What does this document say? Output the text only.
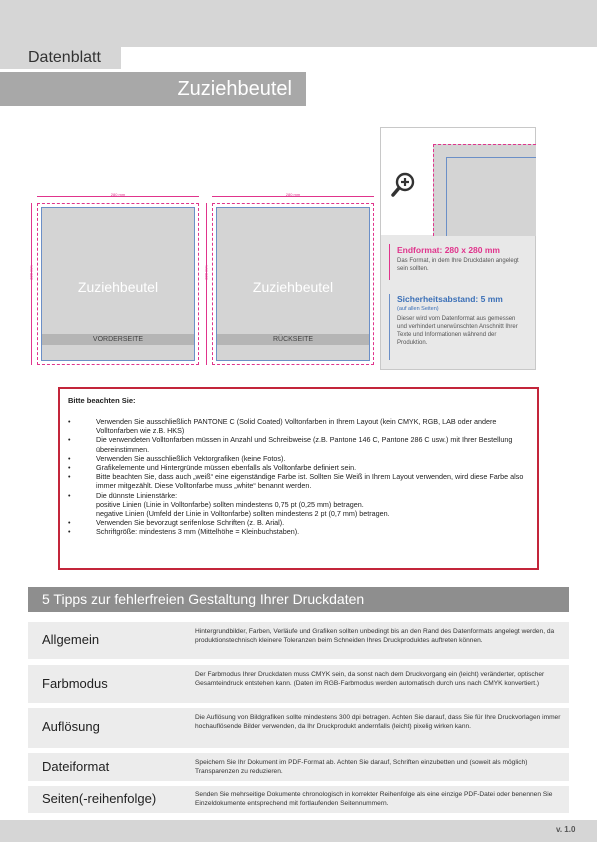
Datenblatt
Zuziehbeutel
280 mm
280 mm
Zuziehbeutel
VORDERSEITE
280 mm
280 mm
Zuziehbeutel
RÜCKSEITE
Endformat: 280 x 280 mm
Das Format, in dem Ihre Druckdaten angelegt sein sollten.
Sicherheitsabstand: 5 mm
(auf allen Seiten)
Dieser wird vom Datenformat aus gemessen und verhindert unerwünschten Anschnitt Ihrer Texte und Informationen während der Produktion.
Bitte beachten Sie:
• Verwenden Sie ausschließlich PANTONE C (Solid Coated) Volltonfarben in Ihrem Layout (kein CMYK, RGB, LAB oder andere Volltonfarben wie z.B. HKS)
• Die verwendeten Volltonfarben müssen in Anzahl und Schreibweise (z.B. Pantone 146 C, Pantone 286 C usw.) mit Ihrer Bestellung übereinstimmen.
• Verwenden Sie ausschließlich Vektorgrafiken (keine Fotos).
• Grafikelemente und Hintergründe müssen ebenfalls als Volltonfarbe definiert sein.
• Bitte beachten Sie, dass auch „weiß“ eine eigenständige Farbe ist. Sollten Sie Weiß in Ihrem Layout verwenden, wird diese Farbe also immer mitgezählt. Diese Volltonfarbe muss „white“ benannt werden.
• Die dünnste Linienstärke:
positive Linien (Linie in Volltonfarbe) sollten mindestens 0,75 pt (0,25 mm) betragen.
negative Linien (Umfeld der Linie in Volltonfarbe) sollten mindestens 2 pt (0,7 mm) betragen.
• Verwenden Sie bevorzugt serifenlose Schriften (z. B. Arial).
• Schriftgröße: mindestens 3 mm (Mittelhöhe = Kleinbuchstaben).
5 Tipps zur fehlerfreien Gestaltung Ihrer Druckdaten
Allgemein
Hintergrundbilder, Farben, Verläufe und Grafiken sollten unbedingt bis an den Rand des Datenformats angelegt werden, da produktionstechnisch kleinere Toleranzen beim Schneiden Ihres Druckproduktes auftreten können.
Farbmodus
Der Farbmodus Ihrer Druckdaten muss CMYK sein, da sonst nach dem Druckvorgang ein (leicht) veränderter, optischer Gesamteindruck entstehen kann. (Daten im RGB-Farbmodus werden automatisch durch uns nach CMYK konvertiert.)
Auflösung
Die Auflösung von Bildgrafiken sollte mindestens 300 dpi betragen. Achten Sie darauf, dass Sie für Ihre Druckvorlagen immer hochauflösende Bilder verwenden, da Ihr Druckprodukt andernfalls (leicht) pixelig wirken kann.
Dateiformat	Speichern Sie Ihr Dokument im PDF-Format ab. Achten Sie darauf, Schriften einzubetten und (soweit als möglich) Transparenzen zu reduzieren.
Seiten(-reihenfolge)	Senden Sie mehrseitige Dokumente chronologisch in korrekter Reihenfolge als eine einzige PDF-Datei oder benennen Sie Einzeldokumente entsprechend mit fortlaufenden Seitennummern.
v. 1.0
